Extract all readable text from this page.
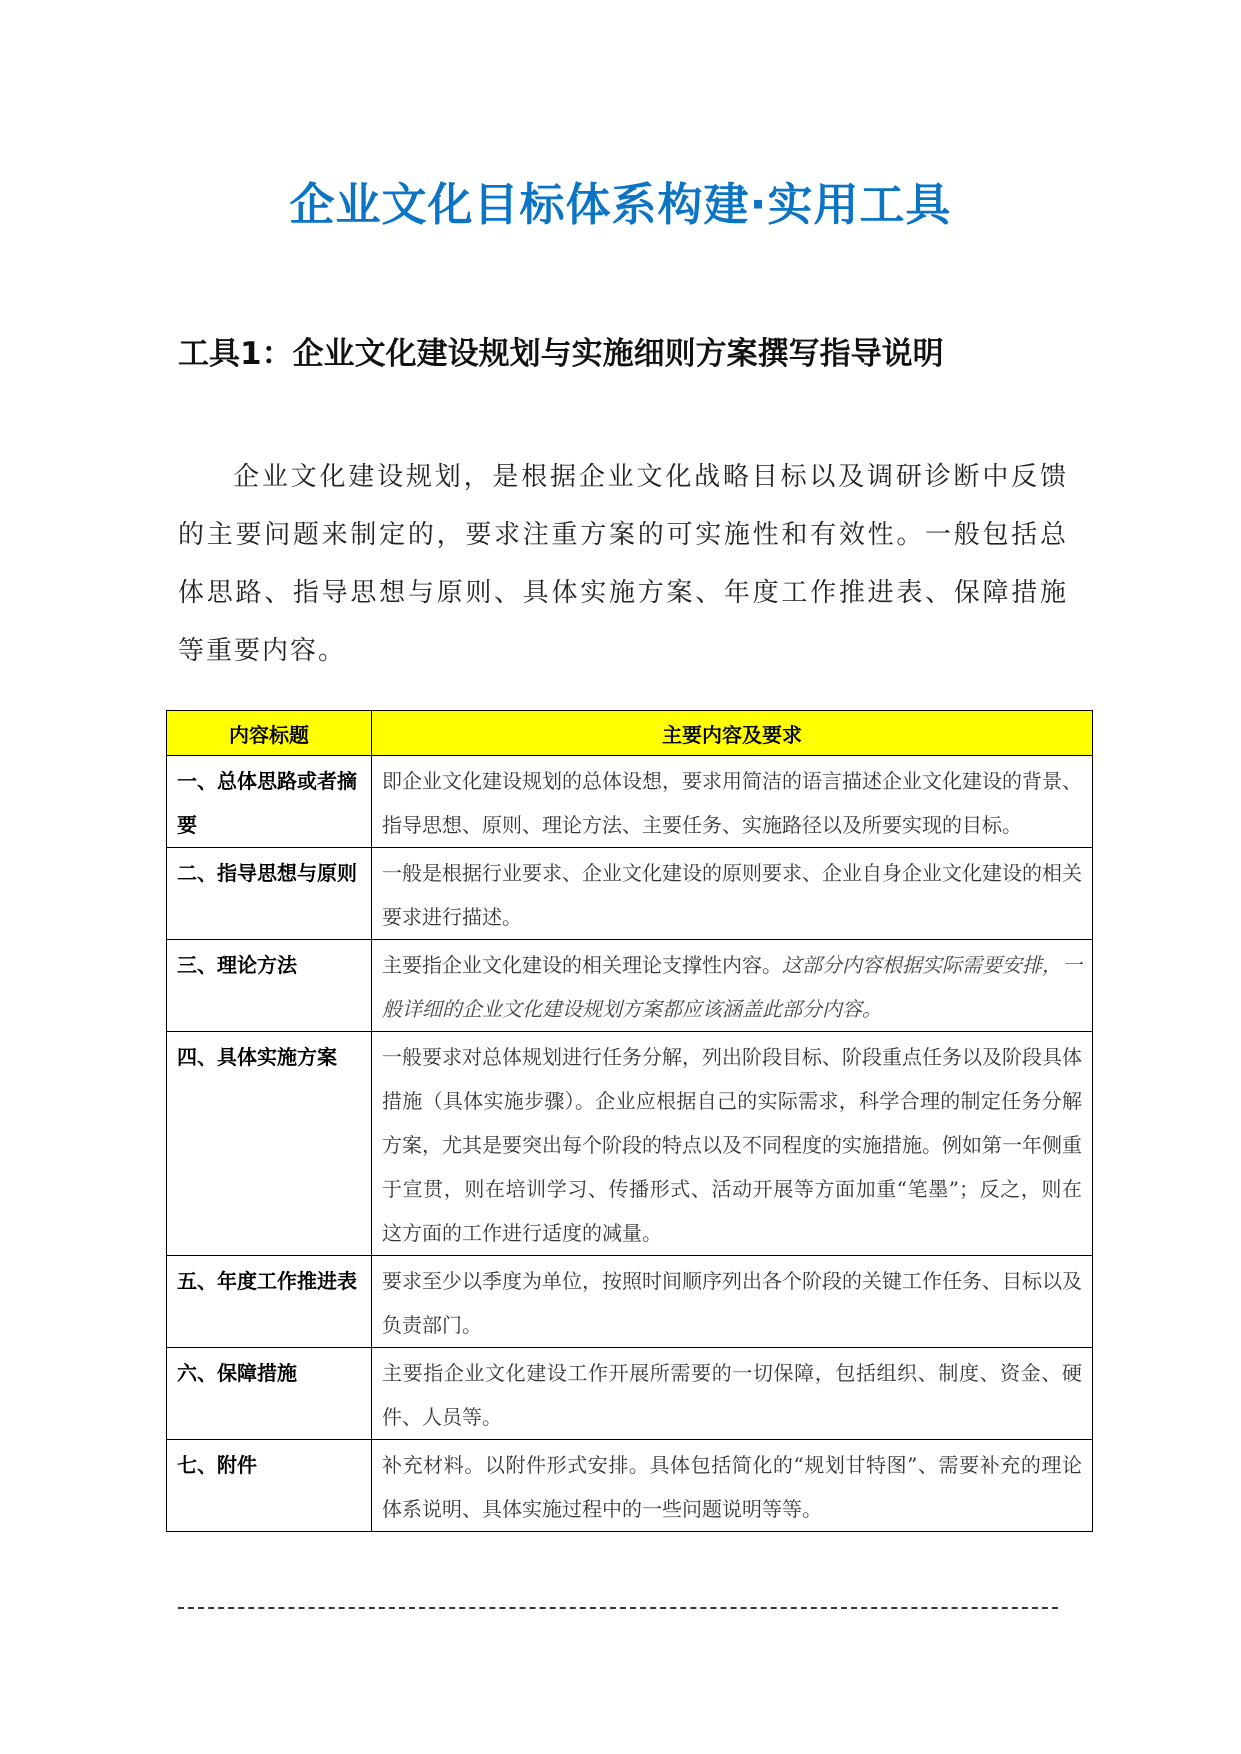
企业文化目标体系构建·实用工具
工具1：企业文化建设规划与实施细则方案撰写指导说明

企业文化建设规划，是根据企业文化战略目标以及调研诊断中反馈的主要问题来制定的，要求注重方案的可实施性和有效性。一般包括总体思路、指导思想与原则、具体实施方案、年度工作推进表、保障措施等重要内容。

内容标题	主要内容及要求
一、总体思路或者摘要	即企业文化建设规划的总体设想，要求用简洁的语言描述企业文化建设的背景、指导思想、原则、理论方法、主要任务、实施路径以及所要实现的目标。
二、指导思想与原则	一般是根据行业要求、企业文化建设的原则要求、企业自身企业文化建设的相关要求进行描述。
三、理论方法	主要指企业文化建设的相关理论支撑性内容。这部分内容根据实际需要安排，一般详细的企业文化建设规划方案都应该涵盖此部分内容。
四、具体实施方案	一般要求对总体规划进行任务分解，列出阶段目标、阶段重点任务以及阶段具体措施（具体实施步骤）。企业应根据自己的实际需求，科学合理的制定任务分解方案，尤其是要突出每个阶段的特点以及不同程度的实施措施。例如第一年侧重于宣贯，则在培训学习、传播形式、活动开展等方面加重“笔墨”；反之，则在这方面的工作进行适度的减量。
五、年度工作推进表	要求至少以季度为单位，按照时间顺序列出各个阶段的关键工作任务、目标以及负责部门。
六、保障措施	主要指企业文化建设工作开展所需要的一切保障，包括组织、制度、资金、硬件、人员等。
七、附件	补充材料。以附件形式安排。具体包括简化的“规划甘特图”、需要补充的理论体系说明、具体实施过程中的一些问题说明等等。
